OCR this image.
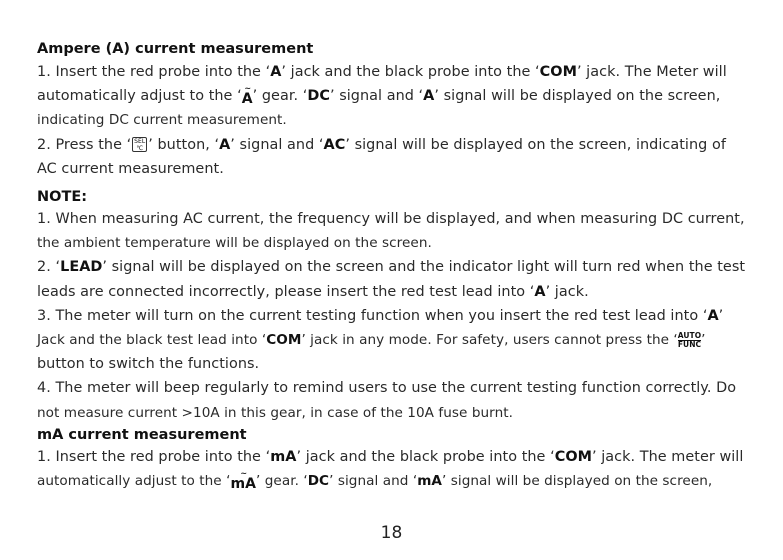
Ampere (A) current measurement

1. Insert the red probe into the ‘A’ jack and the black probe into the ‘COM’ jack. The Meter will

automatically adjust to the ‘ ~
A ’ gear. ‘DC’ signal and ‘A’ signal will be displayed on the screen,

indicating DC current measurement.

2. Press the ‘ SEL
℃ ’ button, ‘A’ signal and ‘AC’ signal will be displayed on the screen, indicating of

AC current measurement.

NOTE:

1. When measuring AC current, the frequency will be displayed, and when measuring DC current,

the ambient temperature will be displayed on the screen.

2. ‘LEAD’ signal will be displayed on the screen and the indicator light will turn red when the test

leads are connected incorrectly, please insert the red test lead into ‘A’ jack.

3. The meter will turn on the current testing function when you insert the red test lead into ‘A’

Jack and the black test lead into ‘COM’ jack in any mode. For safety, users cannot press the ‘ AUTO
FUNC’

button to switch the functions.

4. The meter will beep regularly to remind users to use the current testing function correctly. Do

not measure current >10A in this gear, in case of the 10A fuse burnt.

mA current measurement

1. Insert the red probe into the ‘mA’ jack and the black probe into the ‘COM’ jack. The meter will

automatically adjust to the ‘	~
mA ’ gear. ‘DC’ signal and ‘mA’ signal will be displayed on the screen,

18
